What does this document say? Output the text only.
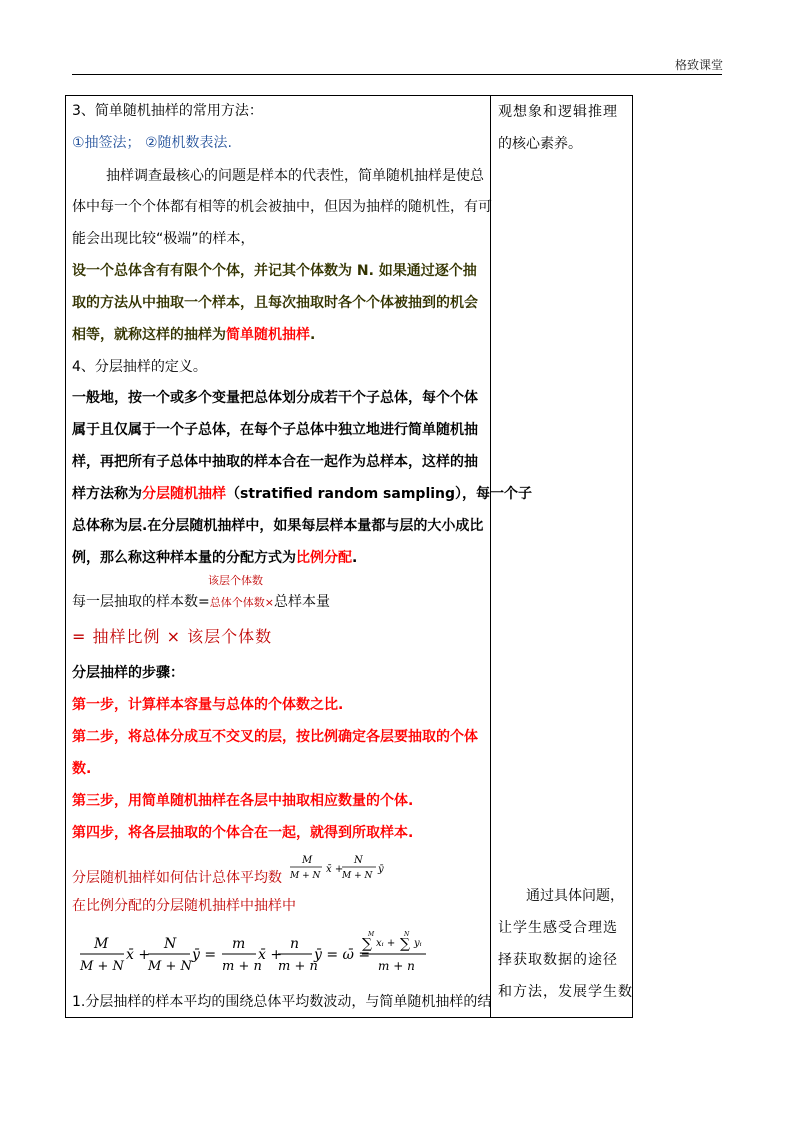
格致课堂
3、简单随机抽样的常用方法：
①抽签法； ②随机数表法.
抽样调查最核心的问题是样本的代表性，简单随机抽样是使总
体中每一个个体都有相等的机会被抽中，但因为抽样的随机性，有可
能会出现比较“极端”的样本，
设一个总体含有有限个个体，并记其个体数为 N. 如果通过逐个抽
取的方法从中抽取一个样本，且每次抽取时各个个体被抽到的机会
相等，就称这样的抽样为简单随机抽样.
4、分层抽样的定义。
一般地，按一个或多个变量把总体划分成若干个子总体，每个个体
属于且仅属于一个子总体，在每个子总体中独立地进行简单随机抽
样，再把所有子总体中抽取的样本合在一起作为总样本，这样的抽
样方法称为分层随机抽样（stratified random sampling），每一个子
总体称为层.在分层随机抽样中，如果每层样本量都与层的大小成比
例，那么称这种样本量的分配方式为比例分配.
该层个体数
每一层抽取的样本数=总体个体数×总样本量
= 抽样比例 × 该层个体数
分层抽样的步骤：
第一步，计算样本容量与总体的个体数之比.
第二步，将总体分成互不交叉的层，按比例确定各层要抽取的个体
数.
第三步，用简单随机抽样在各层中抽取相应数量的个体.
第四步，将各层抽取的个体合在一起，就得到所取样本.
分层随机抽样如何估计总体平均数
M
M + N
x̄ +
N
M + N
ȳ
在比例分配的分层随机抽样中抽样中
M
M + N
x̄ +
N
M + N
ȳ =
m
m + n
x̄ +
n
m + n
ȳ = ω̄ =
M
∑ xᵢ +
N
∑ yᵢ
m + n
1.分层抽样的样本平均的围绕总体平均数波动，与简单随机抽样的结
观想象和逻辑推理
的核心素养。
通过具体问题，
让学生感受合理选
择获取数据的途径
和方法，发展学生数
